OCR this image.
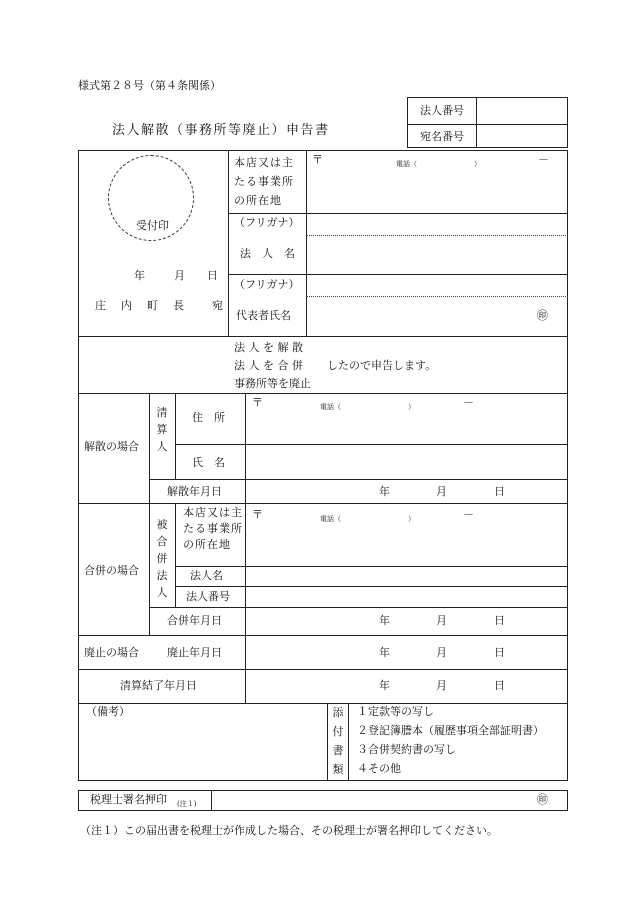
様式第２８号（第４条関係）
法人解散（事務所等廃止）申告書
法人番号
宛名番号
受付印
年	月 日
庄　内　町　長　　宛
本店又は主たる事業所の所在地
〒	電話（	）	－
（フリガナ）
法　人　名
（フリガナ）
代表者氏名	㊞
法 人 を 解 散
法 人 を 合 併
事務所等を廃止
したので申告します。
解散の場合
清算人
住　所
〒	電話（	）	－
氏　名
解散年月日	年	月	日
合併の場合
被合併法人
本店又は主たる事業所の所在地
〒	電話（	）	－
法人名
法人番号
合併年月日	年	月	日
廃止の場合	廃止年月日	年	月	日
清算結了年月日	年	月	日
（備考）	添付書類
１定款等の写し
２登記簿謄本（履歴事項全部証明書）
３合併契約書の写し
４その他
税理士署名押印 (注１)	㊞
（注１）この届出書を税理士が作成した場合、その税理士が署名押印してください。
